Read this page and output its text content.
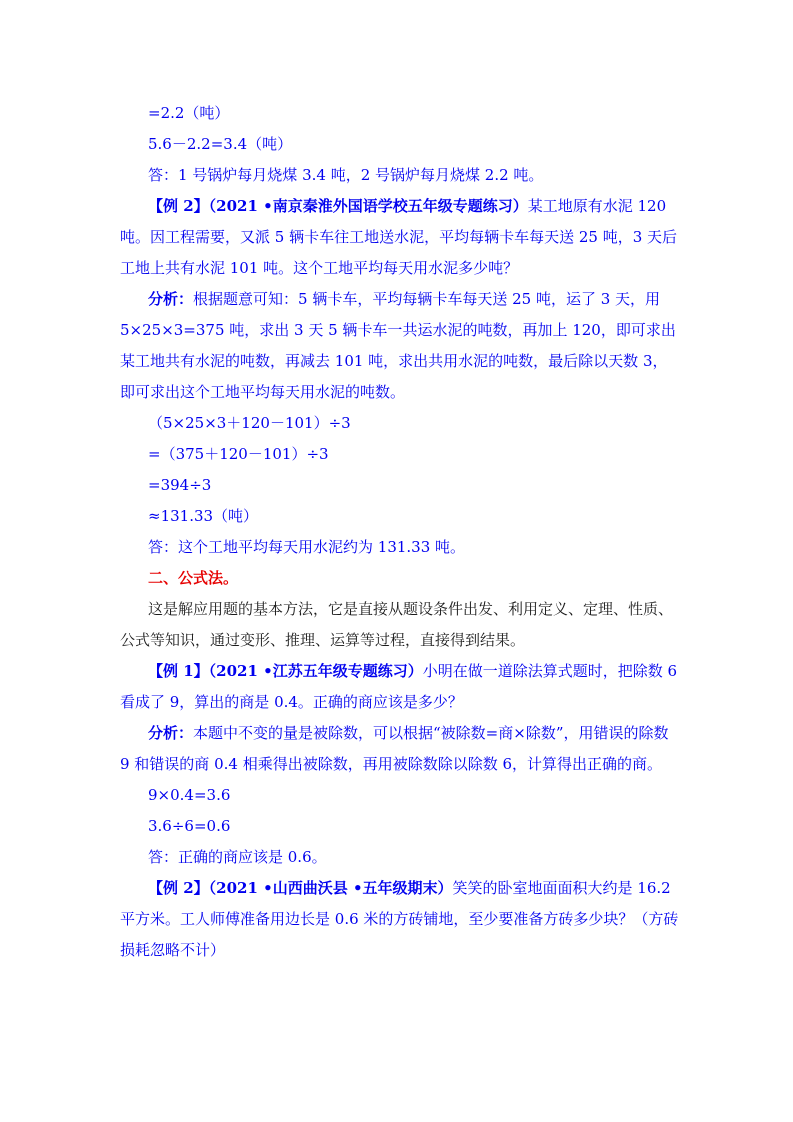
=2.2（吨）
5.6－2.2=3.4（吨）
答：1 号锅炉每月烧煤 3.4 吨，2 号锅炉每月烧煤 2.2 吨。
【例 2】（2021 •南京秦淮外国语学校五年级专题练习）某工地原有水泥 120 吨。因工程需要，又派 5 辆卡车往工地送水泥，平均每辆卡车每天送 25 吨，3 天后工地上共有水泥 101 吨。这个工地平均每天用水泥多少吨？
分析：根据题意可知：5 辆卡车，平均每辆卡车每天送 25 吨，运了 3 天，用 5×25×3=375 吨，求出 3 天 5 辆卡车一共运水泥的吨数，再加上 120，即可求出某工地共有水泥的吨数，再减去 101 吨，求出共用水泥的吨数，最后除以天数 3，即可求出这个工地平均每天用水泥的吨数。
（5×25×3＋120－101）÷3
=（375＋120－101）÷3
=394÷3
≈131.33（吨）
答：这个工地平均每天用水泥约为 131.33 吨。
二、公式法。
这是解应用题的基本方法，它是直接从题设条件出发、利用定义、定理、性质、公式等知识，通过变形、推理、运算等过程，直接得到结果。
【例 1】（2021 •江苏五年级专题练习）小明在做一道除法算式题时，把除数 6 看成了 9，算出的商是 0.4。正确的商应该是多少？
分析：本题中不变的量是被除数，可以根据“被除数=商×除数”，用错误的除数 9 和错误的商 0.4 相乘得出被除数，再用被除数除以除数 6，计算得出正确的商。
9×0.4=3.6
3.6÷6=0.6
答：正确的商应该是 0.6。
【例 2】（2021 •山西曲沃县 •五年级期末）笑笑的卧室地面面积大约是 16.2 平方米。工人师傅准备用边长是 0.6 米的方砖铺地，至少要准备方砖多少块？（方砖损耗忽略不计）
